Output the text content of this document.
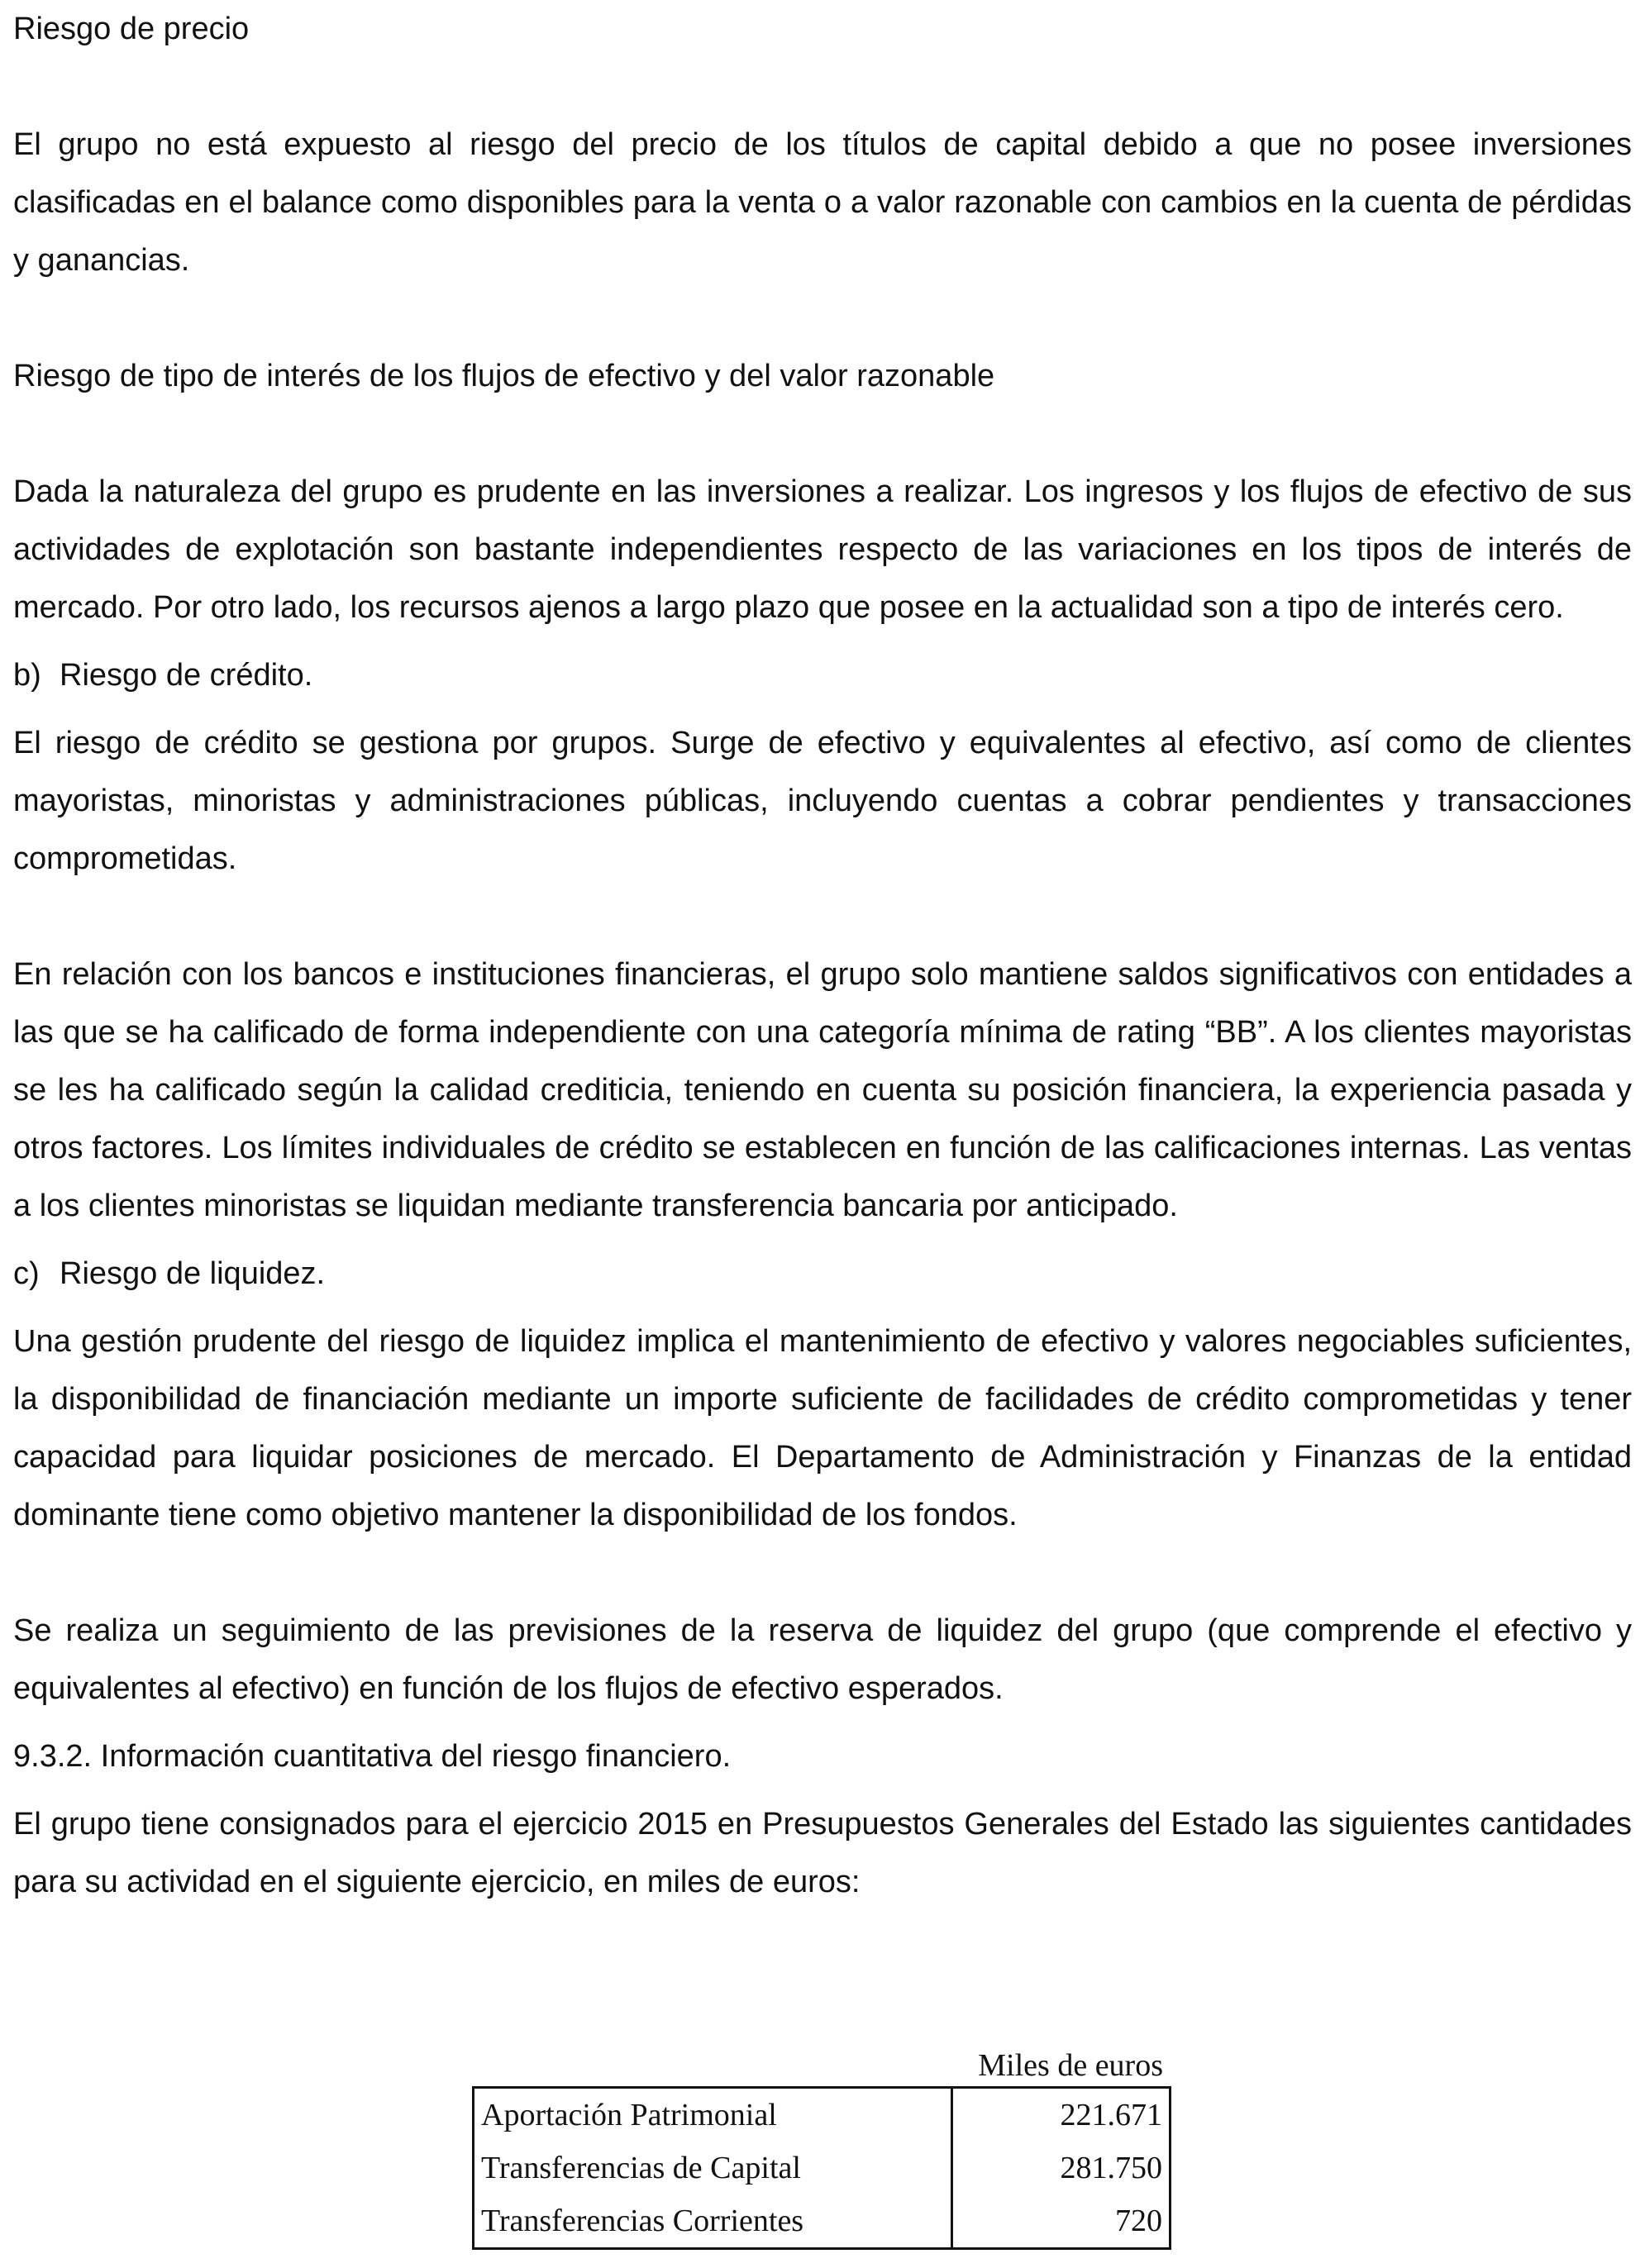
Riesgo de precio

El grupo no está expuesto al riesgo del precio de los títulos de capital debido a que no posee inversiones clasificadas en el balance como disponibles para la venta o a valor razonable con cambios en la cuenta de pérdidas y ganancias.

Riesgo de tipo de interés de los flujos de efectivo y del valor razonable

Dada la naturaleza del grupo es prudente en las inversiones a realizar. Los ingresos y los flujos de efectivo de sus actividades de explotación son bastante independientes respecto de las variaciones en los tipos de interés de mercado. Por otro lado, los recursos ajenos a largo plazo que posee en la actualidad son a tipo de interés cero.

b) Riesgo de crédito.

El riesgo de crédito se gestiona por grupos. Surge de efectivo y equivalentes al efectivo, así como de clientes mayoristas, minoristas y administraciones públicas, incluyendo cuentas a cobrar pendientes y transacciones comprometidas.

En relación con los bancos e instituciones financieras, el grupo solo mantiene saldos significativos con entidades a las que se ha calificado de forma independiente con una categoría mínima de rating “BB”. A los clientes mayoristas se les ha calificado según la calidad crediticia, teniendo en cuenta su posición financiera, la experiencia pasada y otros factores. Los límites individuales de crédito se establecen en función de las calificaciones internas. Las ventas a los clientes minoristas se liquidan mediante transferencia bancaria por anticipado.

c) Riesgo de liquidez.

Una gestión prudente del riesgo de liquidez implica el mantenimiento de efectivo y valores negociables suficientes, la disponibilidad de financiación mediante un importe suficiente de facilidades de crédito comprometidas y tener capacidad para liquidar posiciones de mercado. El Departamento de Administración y Finanzas de la entidad dominante tiene como objetivo mantener la disponibilidad de los fondos.

Se realiza un seguimiento de las previsiones de la reserva de liquidez del grupo (que comprende el efectivo y equivalentes al efectivo) en función de los flujos de efectivo esperados.

9.3.2. Información cuantitativa del riesgo financiero.

El grupo tiene consignados para el ejercicio 2015 en Presupuestos Generales del Estado las siguientes cantidades para su actividad en el siguiente ejercicio, en miles de euros:

Miles de euros
Aportación Patrimonial	221.671
Transferencias de Capital	281.750
Transferencias Corrientes	720
